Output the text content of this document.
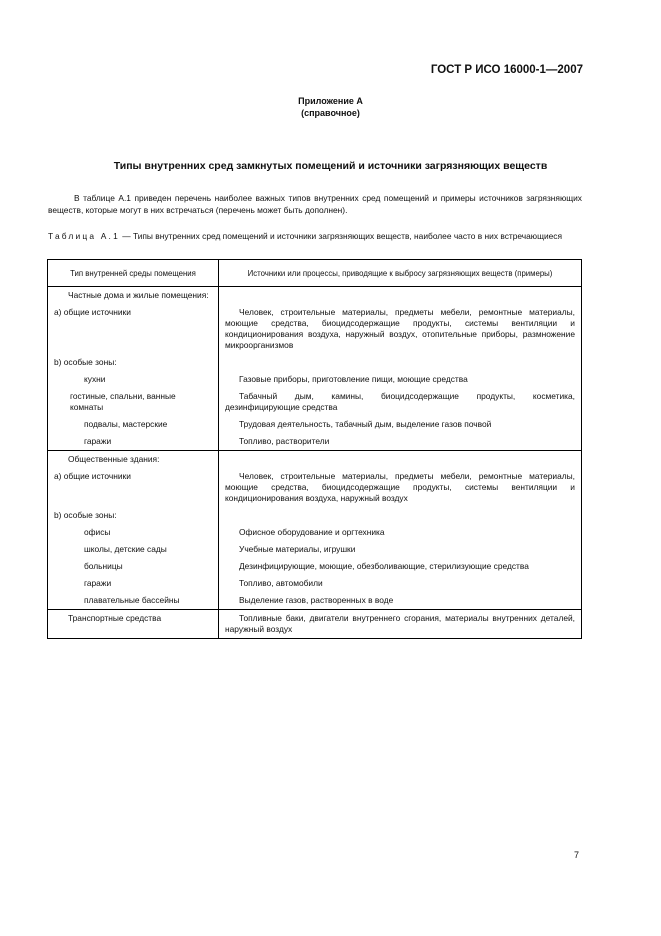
ГОСТ Р ИСО 16000-1—2007
Приложение А
(справочное)
Типы внутренних сред замкнутых помещений и источники загрязняющих веществ
В таблице А.1 приведен перечень наиболее важных типов внутренних сред помещений и примеры источников загрязняющих веществ, которые могут в них встречаться (перечень может быть дополнен).
Таблица А.1 — Типы внутренних сред помещений и источники загрязняющих веществ, наиболее часто в них встречающиеся
Тип внутренней среды помещения	Источники или процессы, приводящие к выбросу загрязняющих веществ (примеры)

Частные дома и жилые помещения:	

a) общие источники	Человек, строительные материалы, предметы мебели, ремонтные материалы, моющие средства, биоцидсодержащие продукты, системы вентиляции и кондиционирования воздуха, наружный воздух, отопительные приборы, размножение микроорганизмов

b) особые зоны:	

кухни	Газовые приборы, приготовление пищи, моющие средства

гостиные, спальни, ванные комнаты	Табачный дым, камины, биоцидсодержащие продукты, косметика, дезинфицирующие средства

подвалы, мастерские	Трудовая деятельность, табачный дым, выделение газов почвой

гаражи	Топливо, растворители

Общественные здания:	

a) общие источники	Человек, строительные материалы, предметы мебели, ремонтные материалы, моющие средства, биоцидсодержащие продукты, системы вентиляции и кондиционирования воздуха, наружный воздух

b) особые зоны:	

офисы	Офисное оборудование и оргтехника

школы, детские сады	Учебные материалы, игрушки

больницы	Дезинфицирующие, моющие, обезболивающие, стерилизующие средства

гаражи	Топливо, автомобили

плавательные бассейны	Выделение газов, растворенных в воде

Транспортные средства	Топливные баки, двигатели внутреннего сгорания, материалы внутренних деталей, наружный воздух
7
